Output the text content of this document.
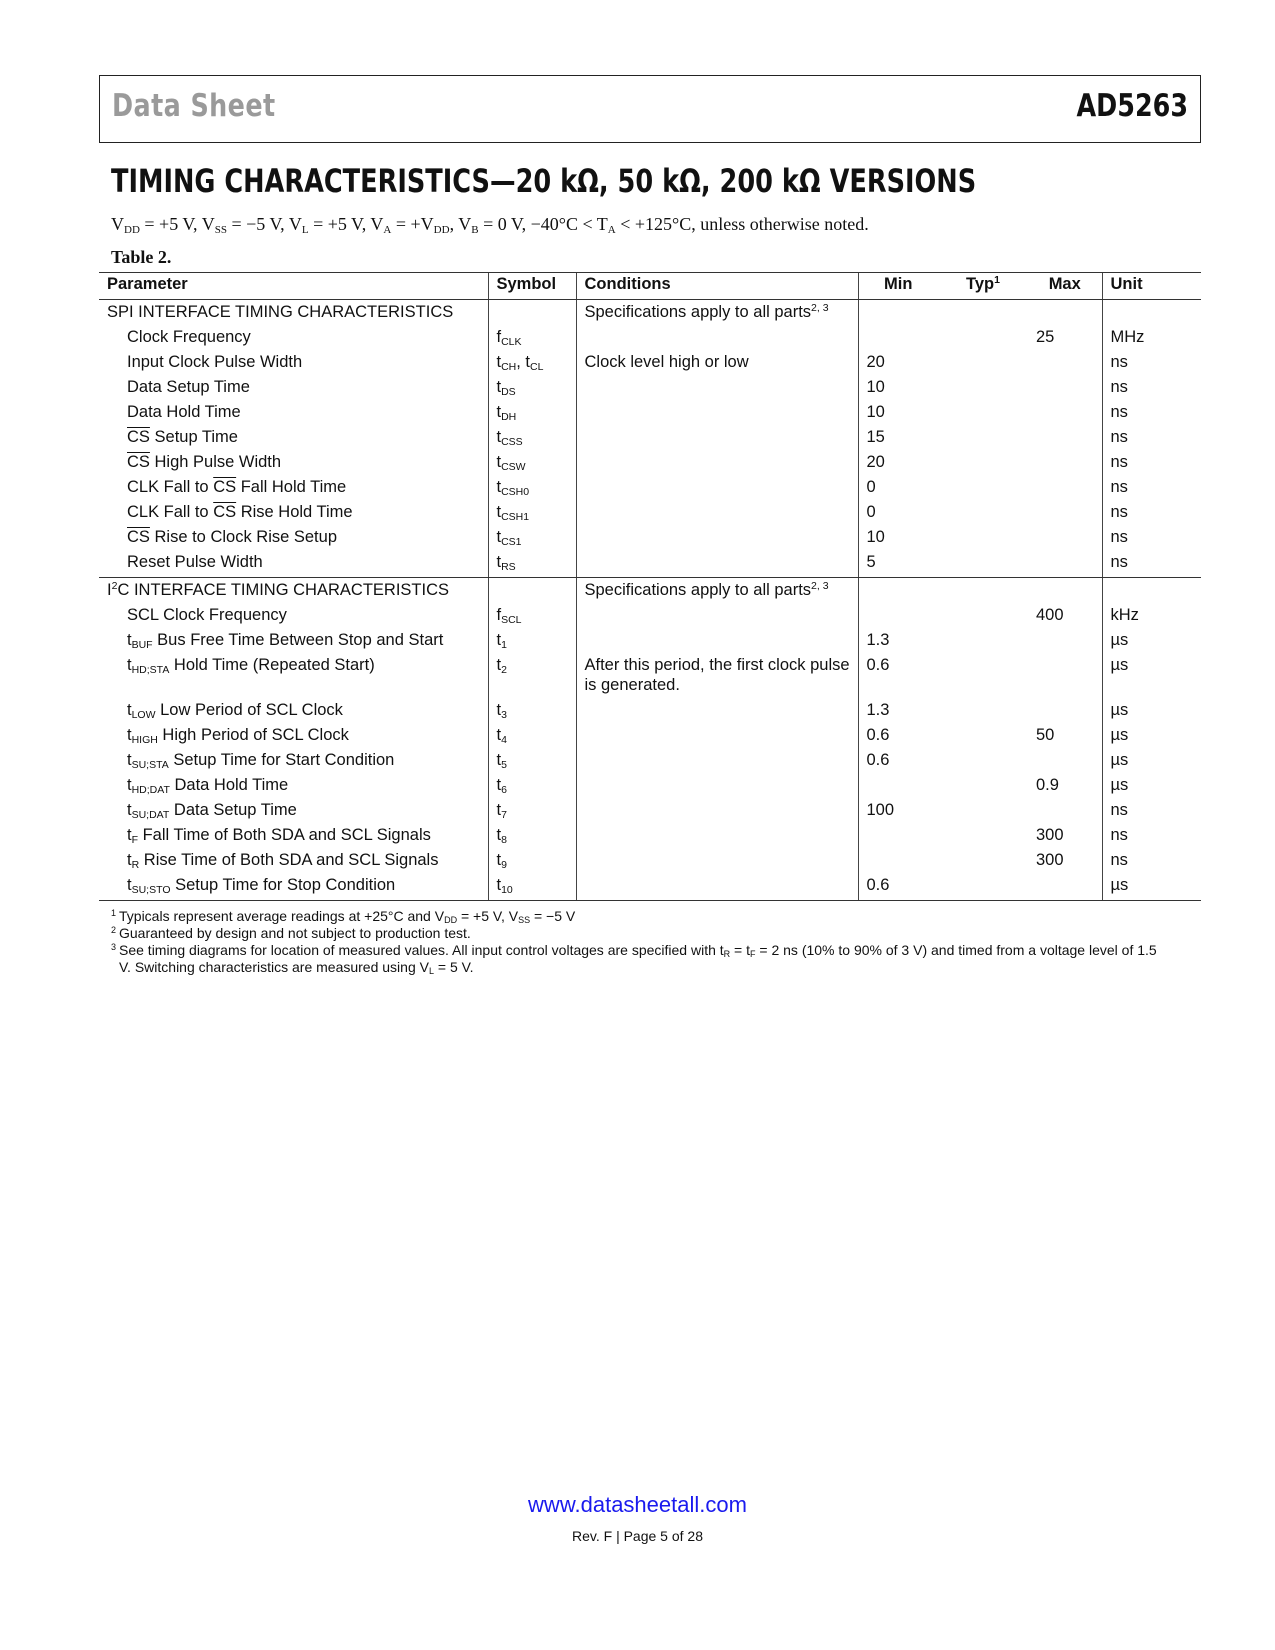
Data Sheet	AD5263
TIMING CHARACTERISTICS—20 kΩ, 50 kΩ, 200 kΩ VERSIONS
$V_{DD} = +5$ V, $V_{SS} = -5$ V, $V_L = +5$ V, $V_A = +V_{DD}$, $V_B = 0$ V, $-40^\circ C < T_A < +125^\circ C$, unless otherwise noted.
Table 2.
Parameter	Symbol	Conditions	Min	Typ$^1$	Max	Unit
SPI INTERFACE TIMING CHARACTERISTICS		Specifications apply to all parts$^{2, 3}$				
Clock Frequency	$f_{CLK}$				25	MHz
Input Clock Pulse Width	$t_{CH}$, $t_{CL}$	Clock level high or low	20			ns
Data Setup Time	$t_{DS}$		10			ns
Data Hold Time	$t_{DH}$		10			ns
$\overline{CS}$ Setup Time	$t_{CSS}$		15			ns
$\overline{CS}$ High Pulse Width	$t_{CSW}$		20			ns
CLK Fall to $\overline{CS}$ Fall Hold Time	$t_{CSH0}$		0			ns
CLK Fall to $\overline{CS}$ Rise Hold Time	$t_{CSH1}$		0			ns
$\overline{CS}$ Rise to Clock Rise Setup	$t_{CS1}$		10			ns
Reset Pulse Width	$t_{RS}$		5			ns
$I^2C$ INTERFACE TIMING CHARACTERISTICS		Specifications apply to all parts$^{2, 3}$				
SCL Clock Frequency	$f_{SCL}$				400	kHz
$t_{BUF}$ Bus Free Time Between Stop and Start	$t_1$		1.3			µs
$t_{HD;STA}$ Hold Time (Repeated Start)	$t_2$	After this period, the first clock pulse is generated.	0.6			µs
$t_{LOW}$ Low Period of SCL Clock	$t_3$		1.3			µs
$t_{HIGH}$ High Period of SCL Clock	$t_4$		0.6		50	µs
$t_{SU;STA}$ Setup Time for Start Condition	$t_5$		0.6			µs
$t_{HD;DAT}$ Data Hold Time	$t_6$				0.9	µs
$t_{SU;DAT}$ Data Setup Time	$t_7$		100			ns
$t_F$ Fall Time of Both SDA and SCL Signals	$t_8$				300	ns
$t_R$ Rise Time of Both SDA and SCL Signals	$t_9$				300	ns
$t_{SU;STO}$ Setup Time for Stop Condition	$t_{10}$		0.6			µs
1 Typicals represent average readings at +25°C and $V_{DD} = +5$ V, $V_{SS} = -5$ V
2 Guaranteed by design and not subject to production test.
3 See timing diagrams for location of measured values. All input control voltages are specified with $t_R = t_F = 2$ ns (10% to 90% of 3 V) and timed from a voltage level of 1.5 V. Switching characteristics are measured using $V_L = 5$ V.
www.datasheetall.com
Rev. F | Page 5 of 28
